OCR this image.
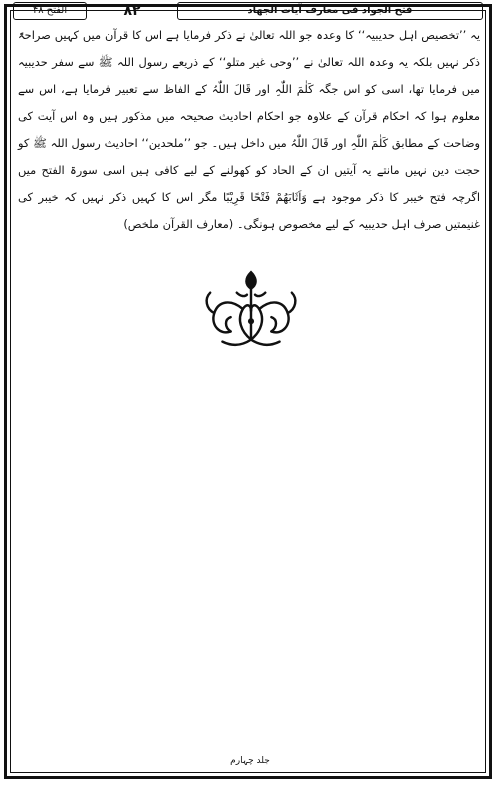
الفتح ۴۸	۸۲	فتح الجواد فی معارف آیات الجهاد

یہ ’’تخصیص اہل حدیبیہ‘‘ کا وعدہ جو اللہ تعالیٰ نے ذکر فرمایا ہے اس کا قرآن میں کہیں صراحۃً ذکر نہیں بلکہ یہ وعدہ اللہ تعالیٰ نے ’’وحی غیر متلو‘‘ کے ذریعے رسول اللہ ﷺ سے سفر حدیبیہ میں فرمایا تھا، اسی کو اس جگہ کَلٰمَ اللّٰہِ اور قَالَ اللّٰہُ کے الفاظ سے تعبیر فرمایا ہے، اس سے معلوم ہوا کہ احکام قرآن کے علاوہ جو احکام احادیث صحیحہ میں مذکور ہیں وہ اس آیت کی وضاحت کے مطابق کَلٰمَ اللّٰہِ اور قَالَ اللّٰہُ میں داخل ہیں۔ جو ’’ملحدین‘‘ احادیث رسول اللہ ﷺ کو حجت دین نہیں مانتے یہ آیتیں ان کے الحاد کو کھولنے کے لیے کافی ہیں اسی سورۃ الفتح میں اگرچہ فتح خیبر کا ذکر موجود ہے وَاَثَابَھُمْ فَتْحًا قَرِیْبًا مگر اس کا کہیں ذکر نہیں کہ خیبر کی غنیمتیں صرف اہل حدیبیہ کے لیے مخصوص ہونگی۔ (معارف القرآن ملخص)

جلد چہارم
